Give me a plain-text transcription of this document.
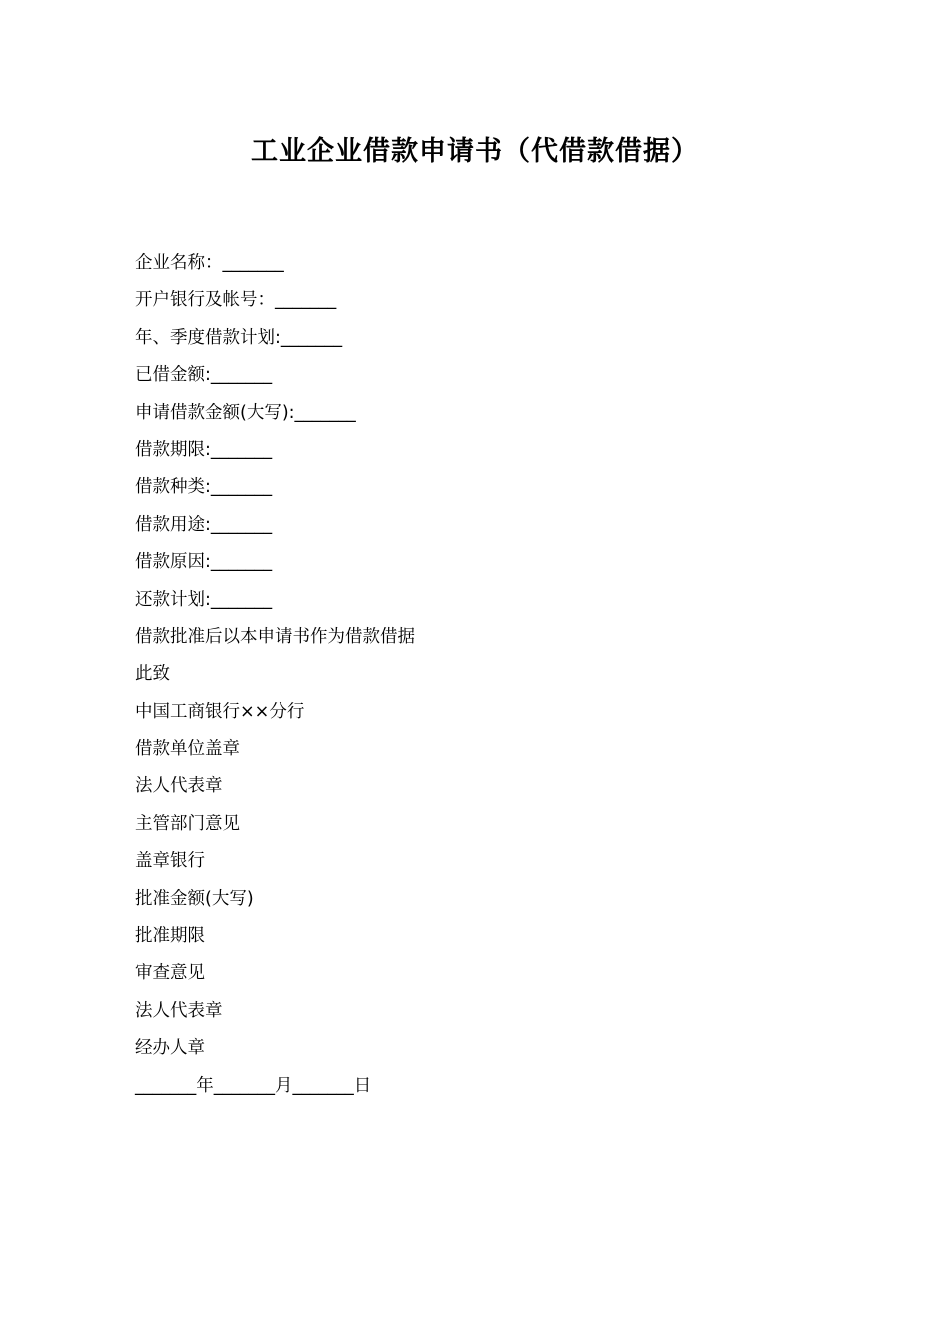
工业企业借款申请书（代借款借据）
企业名称：_______
开户银行及帐号：_______
年、季度借款计划:_______
已借金额:_______
申请借款金额(大写):_______
借款期限:_______
借款种类:_______
借款用途:_______
借款原因:_______
还款计划:_______
借款批准后以本申请书作为借款借据
此致
中国工商银行××分行
借款单位盖章
法人代表章
主管部门意见
盖章银行
批准金额(大写)
批准期限
审查意见
法人代表章
经办人章
_______年_______月_______日
